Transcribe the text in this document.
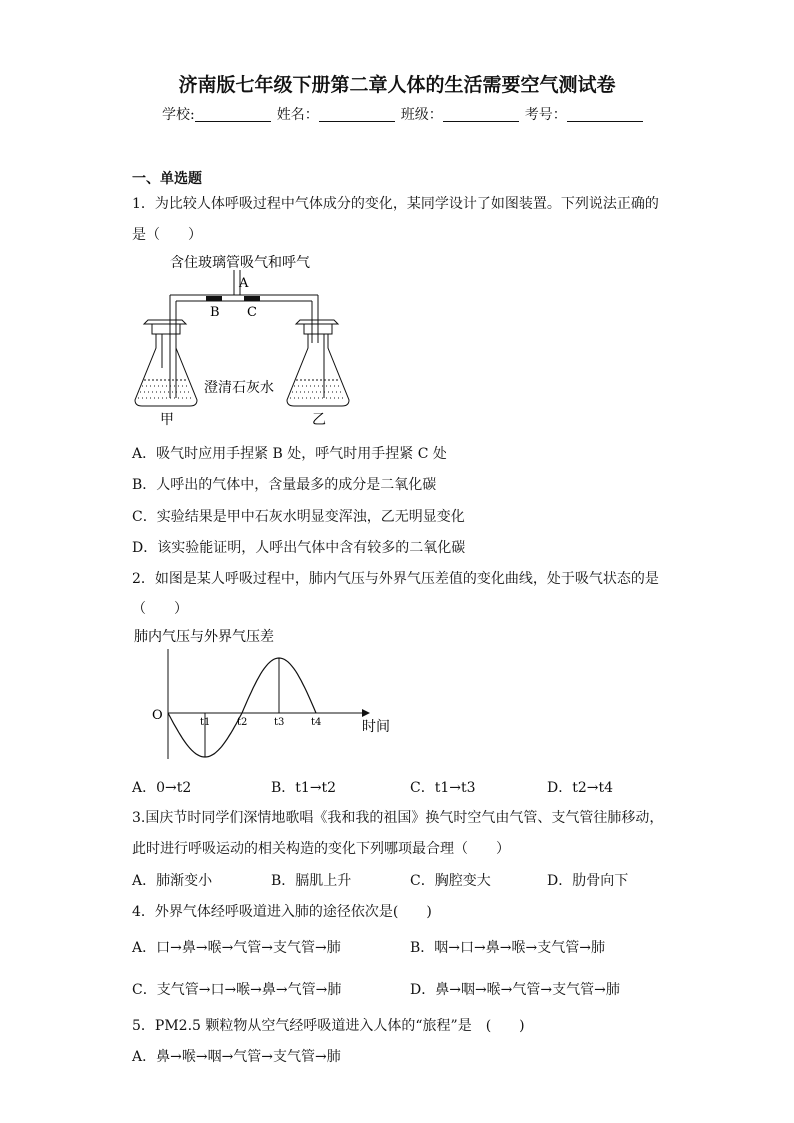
济南版七年级下册第二章人体的生活需要空气测试卷
学校:	姓名：	班级：	考号：
一、单选题
1．为比较人体呼吸过程中气体成分的变化，某同学设计了如图装置。下列说法正确的
是（　　）
含住玻璃管吸气和呼气
A
B C
澄清石灰水
甲	乙
A．吸气时应用手捏紧 B 处，呼气时用手捏紧 C 处
B．人呼出的气体中，含量最多的成分是二氧化碳
C．实验结果是甲中石灰水明显变浑浊，乙无明显变化
D．该实验能证明，人呼出气体中含有较多的二氧化碳
2．如图是某人呼吸过程中，肺内气压与外界气压差值的变化曲线，处于吸气状态的是
（　　）
肺内气压与外界气压差
O
时间
t1	t2	t3	t4
A．0→t2	B．t1→t2	C．t1→t3	D．t2→t4
3.国庆节时同学们深情地歌唱《我和我的祖国》换气时空气由气管、支气管往肺移动，
此时进行呼吸运动的相关构造的变化下列哪项最合理（　　）
A．肺渐变小	B．膈肌上升	C．胸腔变大	D．肋骨向下
4．外界气体经呼吸道进入肺的途径依次是(　　)
A．口→鼻→喉→气管→支气管→肺	B．咽→口→鼻→喉→支气管→肺
C．支气管→口→喉→鼻→气管→肺	D．鼻→咽→喉→气管→支气管→肺
5．PM2.5 颗粒物从空气经呼吸道进入人体的“旅程”是　(　　)
A．鼻→喉→咽→气管→支气管→肺
